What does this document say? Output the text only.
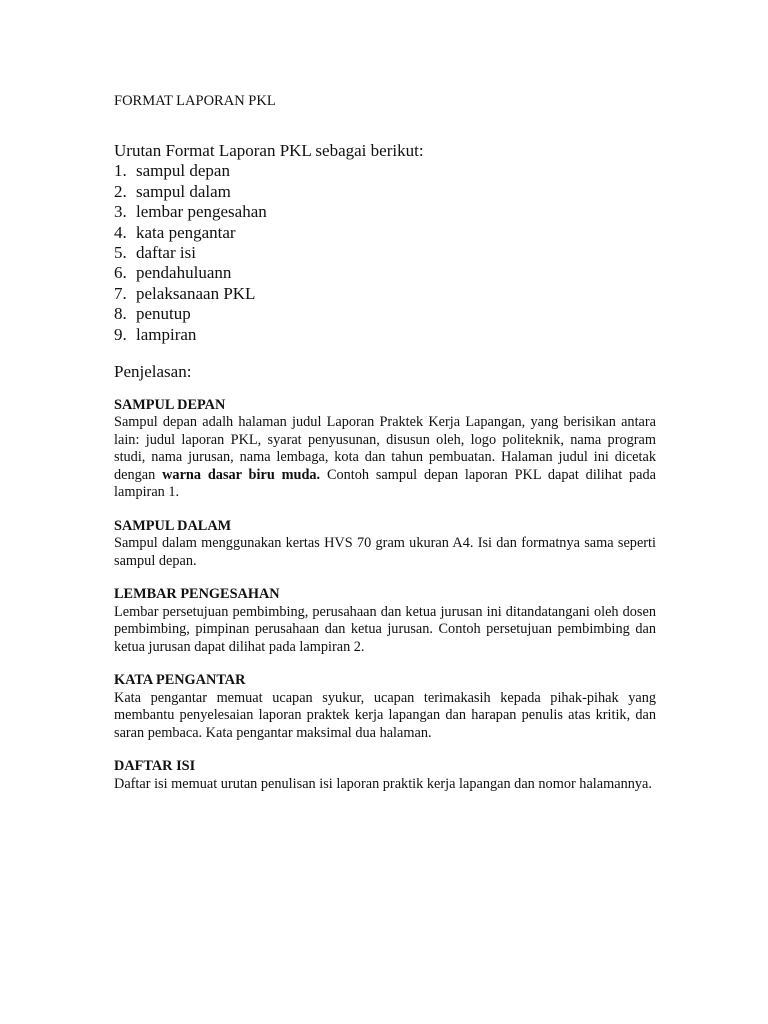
FORMAT LAPORAN PKL

Urutan Format Laporan PKL sebagai berikut:

1. sampul depan
2. sampul dalam
3. lembar pengesahan
4. kata pengantar
5. daftar isi
6. pendahuluann
7. pelaksanaan PKL
8. penutup
9. lampiran

Penjelasan:

SAMPUL DEPAN

Sampul depan adalh halaman judul Laporan Praktek Kerja Lapangan, yang berisikan antara lain: judul laporan PKL, syarat penyusunan, disusun oleh, logo politeknik, nama program studi, nama jurusan, nama lembaga, kota dan tahun pembuatan. Halaman judul ini dicetak dengan warna dasar biru muda. Contoh sampul depan laporan PKL dapat dilihat pada lampiran 1.

SAMPUL DALAM

Sampul dalam menggunakan kertas HVS 70 gram ukuran A4. Isi dan formatnya sama seperti sampul depan.

LEMBAR PENGESAHAN

Lembar persetujuan pembimbing, perusahaan dan ketua jurusan ini ditandatangani oleh dosen pembimbing, pimpinan perusahaan dan ketua jurusan. Contoh persetujuan pembimbing dan ketua jurusan dapat dilihat pada lampiran 2.

KATA PENGANTAR

Kata pengantar memuat ucapan syukur, ucapan terimakasih kepada pihak-pihak yang membantu penyelesaian laporan praktek kerja lapangan dan harapan penulis atas kritik, dan saran pembaca. Kata pengantar maksimal dua halaman.

DAFTAR ISI

Daftar isi memuat urutan penulisan isi laporan praktik kerja lapangan dan nomor halamannya.
